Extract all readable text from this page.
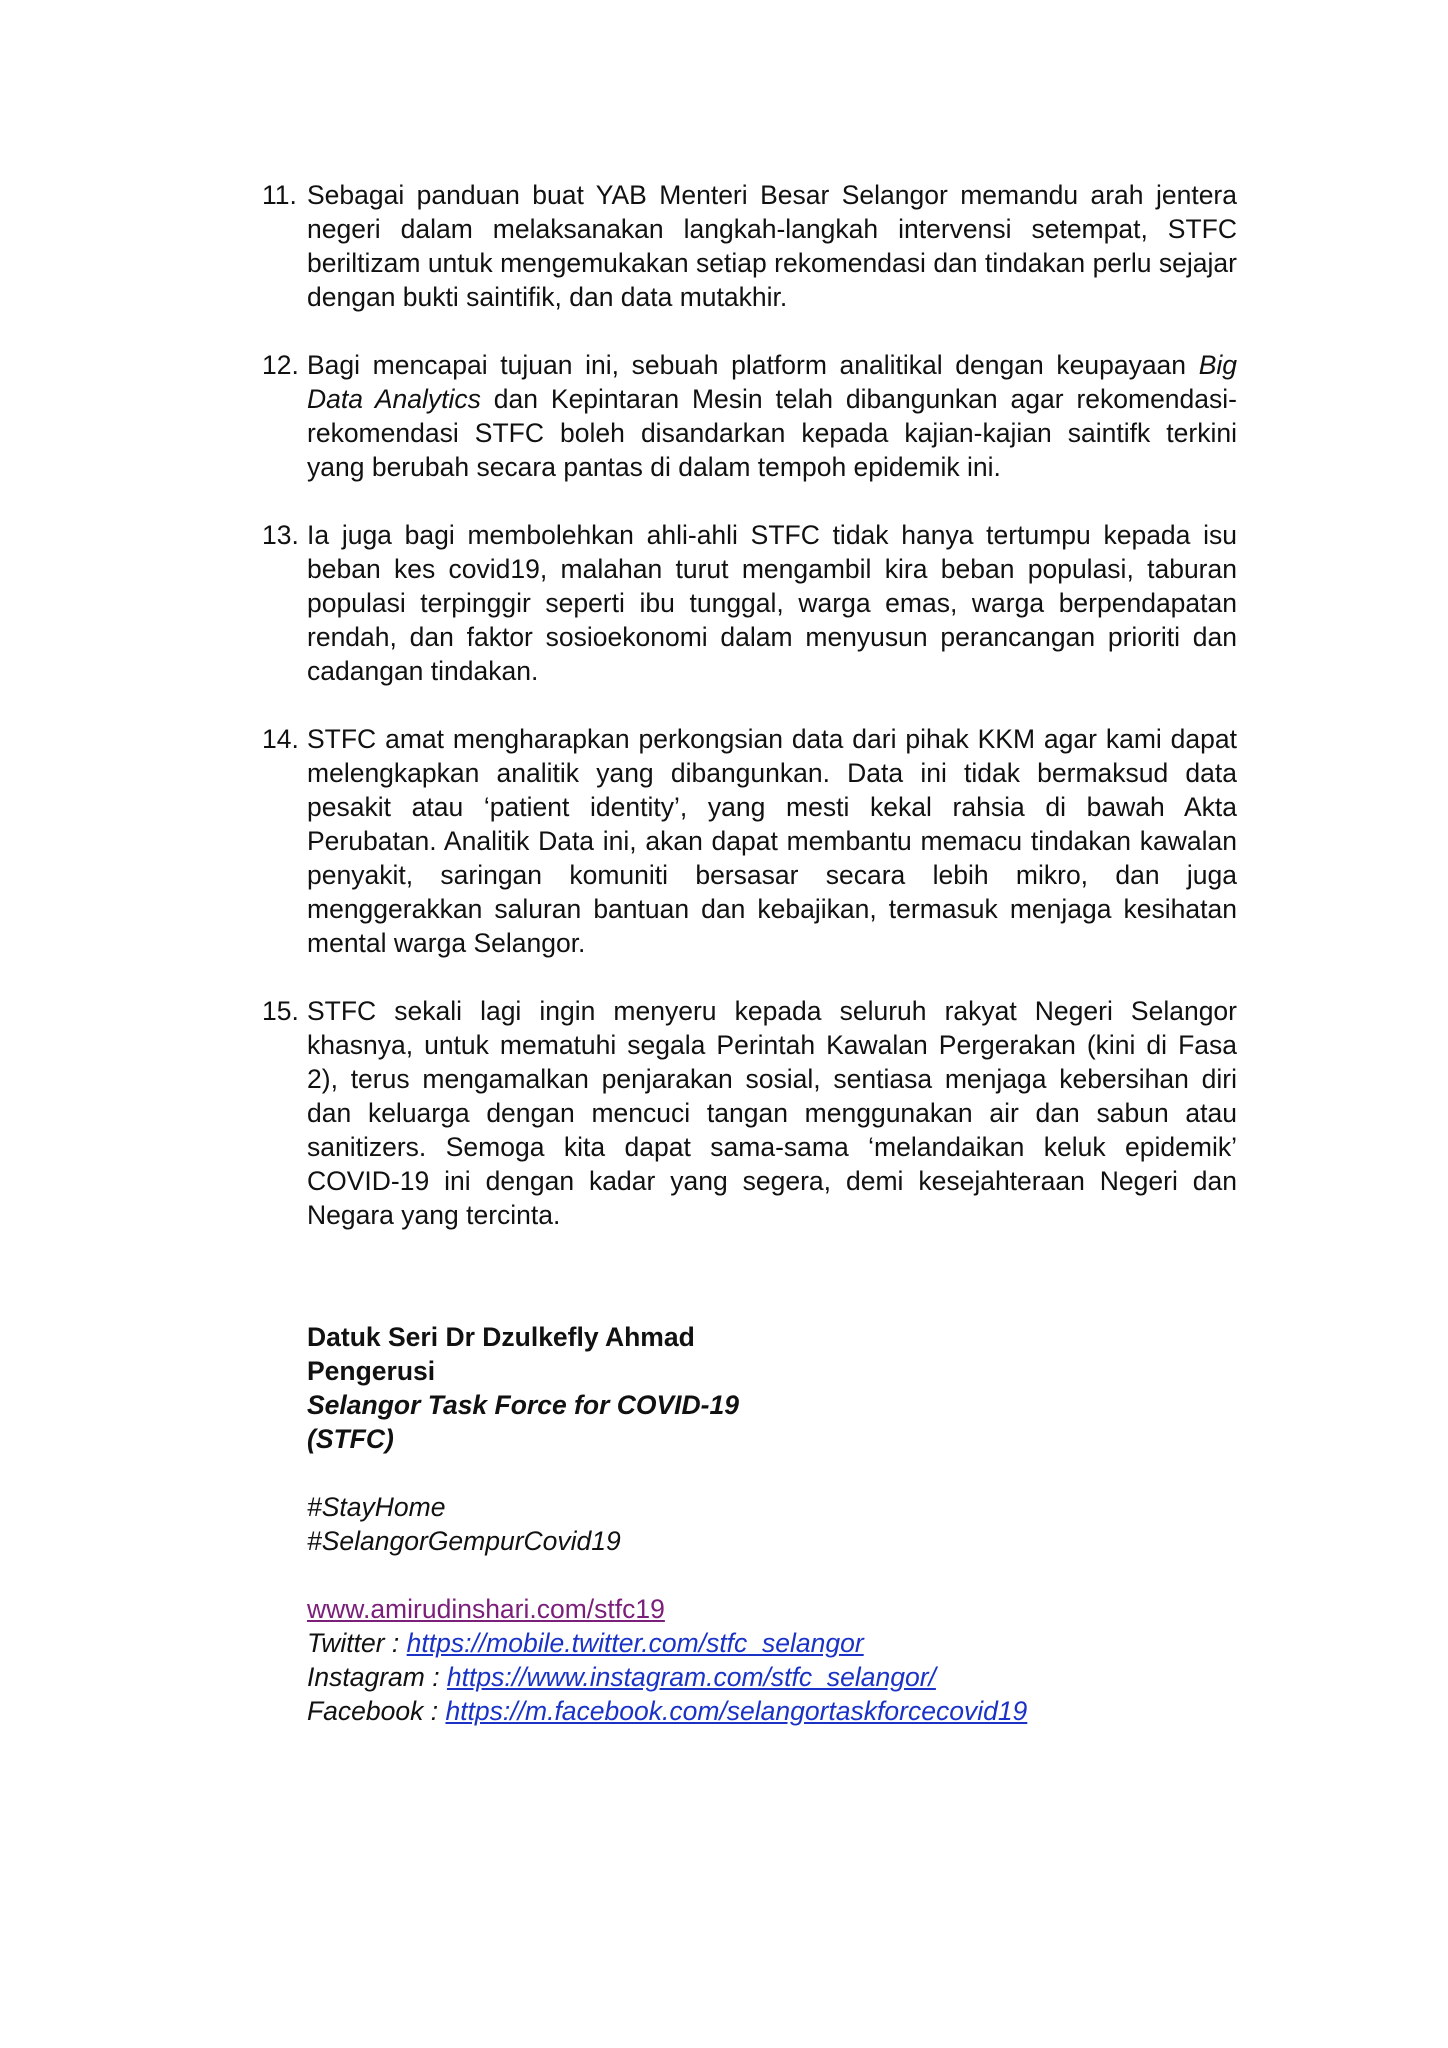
11. Sebagai panduan buat YAB Menteri Besar Selangor memandu arah jentera negeri dalam melaksanakan langkah-langkah intervensi setempat, STFC beriltizam untuk mengemukakan setiap rekomendasi dan tindakan perlu sejajar dengan bukti saintifik, dan data mutakhir.
12. Bagi mencapai tujuan ini, sebuah platform analitikal dengan keupayaan Big Data Analytics dan Kepintaran Mesin telah dibangunkan agar rekomendasi-rekomendasi STFC boleh disandarkan kepada kajian-kajian saintifk terkini yang berubah secara pantas di dalam tempoh epidemik ini.
13. Ia juga bagi membolehkan ahli-ahli STFC tidak hanya tertumpu kepada isu beban kes covid19, malahan turut mengambil kira beban populasi, taburan populasi terpinggir seperti ibu tunggal, warga emas, warga berpendapatan rendah, dan faktor sosioekonomi dalam menyusun perancangan prioriti dan cadangan tindakan.
14. STFC amat mengharapkan perkongsian data dari pihak KKM agar kami dapat melengkapkan analitik yang dibangunkan. Data ini tidak bermaksud data pesakit atau ‘patient identity’, yang mesti kekal rahsia di bawah Akta Perubatan. Analitik Data ini, akan dapat membantu memacu tindakan kawalan penyakit, saringan komuniti bersasar secara lebih mikro, dan juga menggerakkan saluran bantuan dan kebajikan, termasuk menjaga kesihatan mental warga Selangor.
15. STFC sekali lagi ingin menyeru kepada seluruh rakyat Negeri Selangor khasnya, untuk mematuhi segala Perintah Kawalan Pergerakan (kini di Fasa 2), terus mengamalkan penjarakan sosial, sentiasa menjaga kebersihan diri dan keluarga dengan mencuci tangan menggunakan air dan sabun atau sanitizers. Semoga kita dapat sama-sama ‘melandaikan keluk epidemik’ COVID-19 ini dengan kadar yang segera, demi kesejahteraan Negeri dan Negara yang tercinta.
Datuk Seri Dr Dzulkefly Ahmad
Pengerusi
Selangor Task Force for COVID-19
(STFC)
#StayHome
#SelangorGempurCovid19
www.amirudinshari.com/stfc19
Twitter : https://mobile.twitter.com/stfc_selangor
Instagram : https://www.instagram.com/stfc_selangor/
Facebook : https://m.facebook.com/selangortaskforcecovid19
